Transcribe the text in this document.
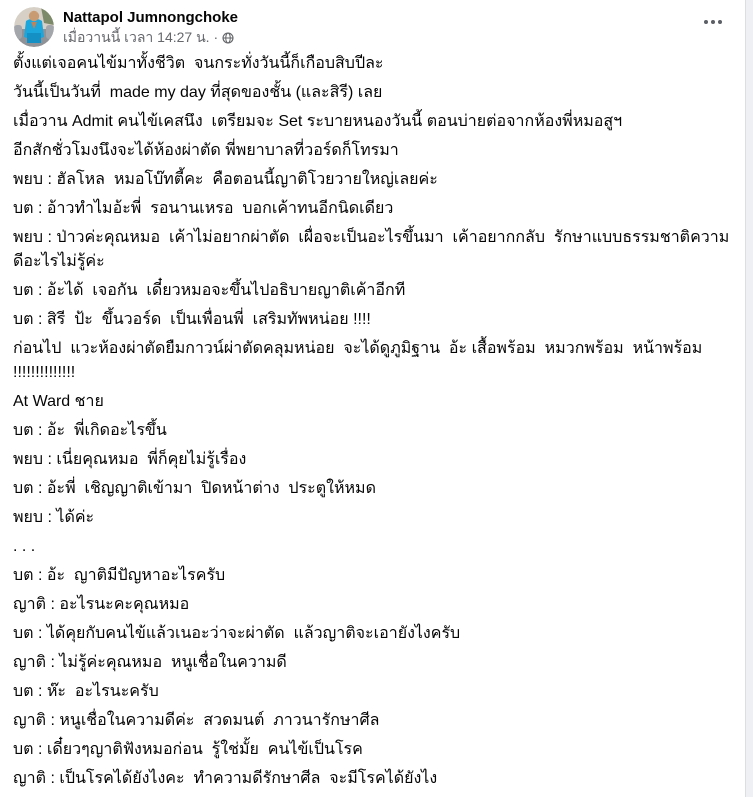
Nattapol Jumnongchoke
เมื่อวานนี้ เวลา 14:27 น. ·

ตั้งแต่เจอคนไข้มาทั้งชีวิต  จนกระทั่งวันนี้ก็เกือบสิบปีละ

วันนี้เป็นวันที่  made my day ที่สุดของชั้น (และสิรี) เลย

เมื่อวาน Admit คนไข้เคสนึง  เตรียมจะ Set ระบายหนองวันนี้ ตอนบ่ายต่อจากห้องพี่หมอสูฯ

อีกสักชั่วโมงนึงจะได้ห้องผ่าตัด พี่พยาบาลที่วอร์ดก็โทรมา

พยบ : ฮัลโหล  หมอโบ๊ทตี้คะ  คือตอนนี้ญาติโวยวายใหญ่เลยค่ะ

บต : อ้าวทำไมอ้ะพี่  รอนานเหรอ  บอกเค้าทนอีกนิดเดียว

พยบ : ป่าวค่ะคุณหมอ  เค้าไม่อยากผ่าตัด  เผื่อจะเป็นอะไรขึ้นมา  เค้าอยากกลับ  รักษาแบบธรรมชาติความดีอะไรไม่รู้ค่ะ

บต : อ้ะได้  เจอกัน  เดี๋ยวหมอจะขึ้นไปอธิบายญาติเค้าอีกที

บต : สิรี  ป้ะ  ขึ้นวอร์ด  เป็นเพื่อนพี่  เสริมทัพหน่อย !!!!

ก่อนไป  แวะห้องผ่าตัดยืมกาวน์ผ่าตัดคลุมหน่อย  จะได้ดูภูมิฐาน  อ้ะ เสื้อพร้อม  หมวกพร้อม  หน้าพร้อม !!!!!!!!!!!!!!

At Ward ชาย

บต : อ้ะ  พี่เกิดอะไรขึ้น

พยบ : เนี่ยคุณหมอ  พี่ก็คุยไม่รู้เรื่อง

บต : อ้ะพี่  เชิญญาติเข้ามา  ปิดหน้าต่าง  ประตูให้หมด

พยบ : ได้ค่ะ

. . .

บต : อ้ะ  ญาติมีปัญหาอะไรครับ

ญาติ : อะไรนะคะคุณหมอ

บต : ได้คุยกับคนไข้แล้วเนอะว่าจะผ่าตัด  แล้วญาติจะเอายังไงครับ

ญาติ : ไม่รู้ค่ะคุณหมอ  หนูเชื่อในความดี

บต : ห๊ะ  อะไรนะครับ

ญาติ : หนูเชื่อในความดีค่ะ  สวดมนต์  ภาวนารักษาศีล

บต : เดี๋ยวๆญาติฟังหมอก่อน  รู้ใช่มั้ย  คนไข้เป็นโรค

ญาติ : เป็นโรคได้ยังไงคะ  ทำความดีรักษาศีล  จะมีโรคได้ยังไง
